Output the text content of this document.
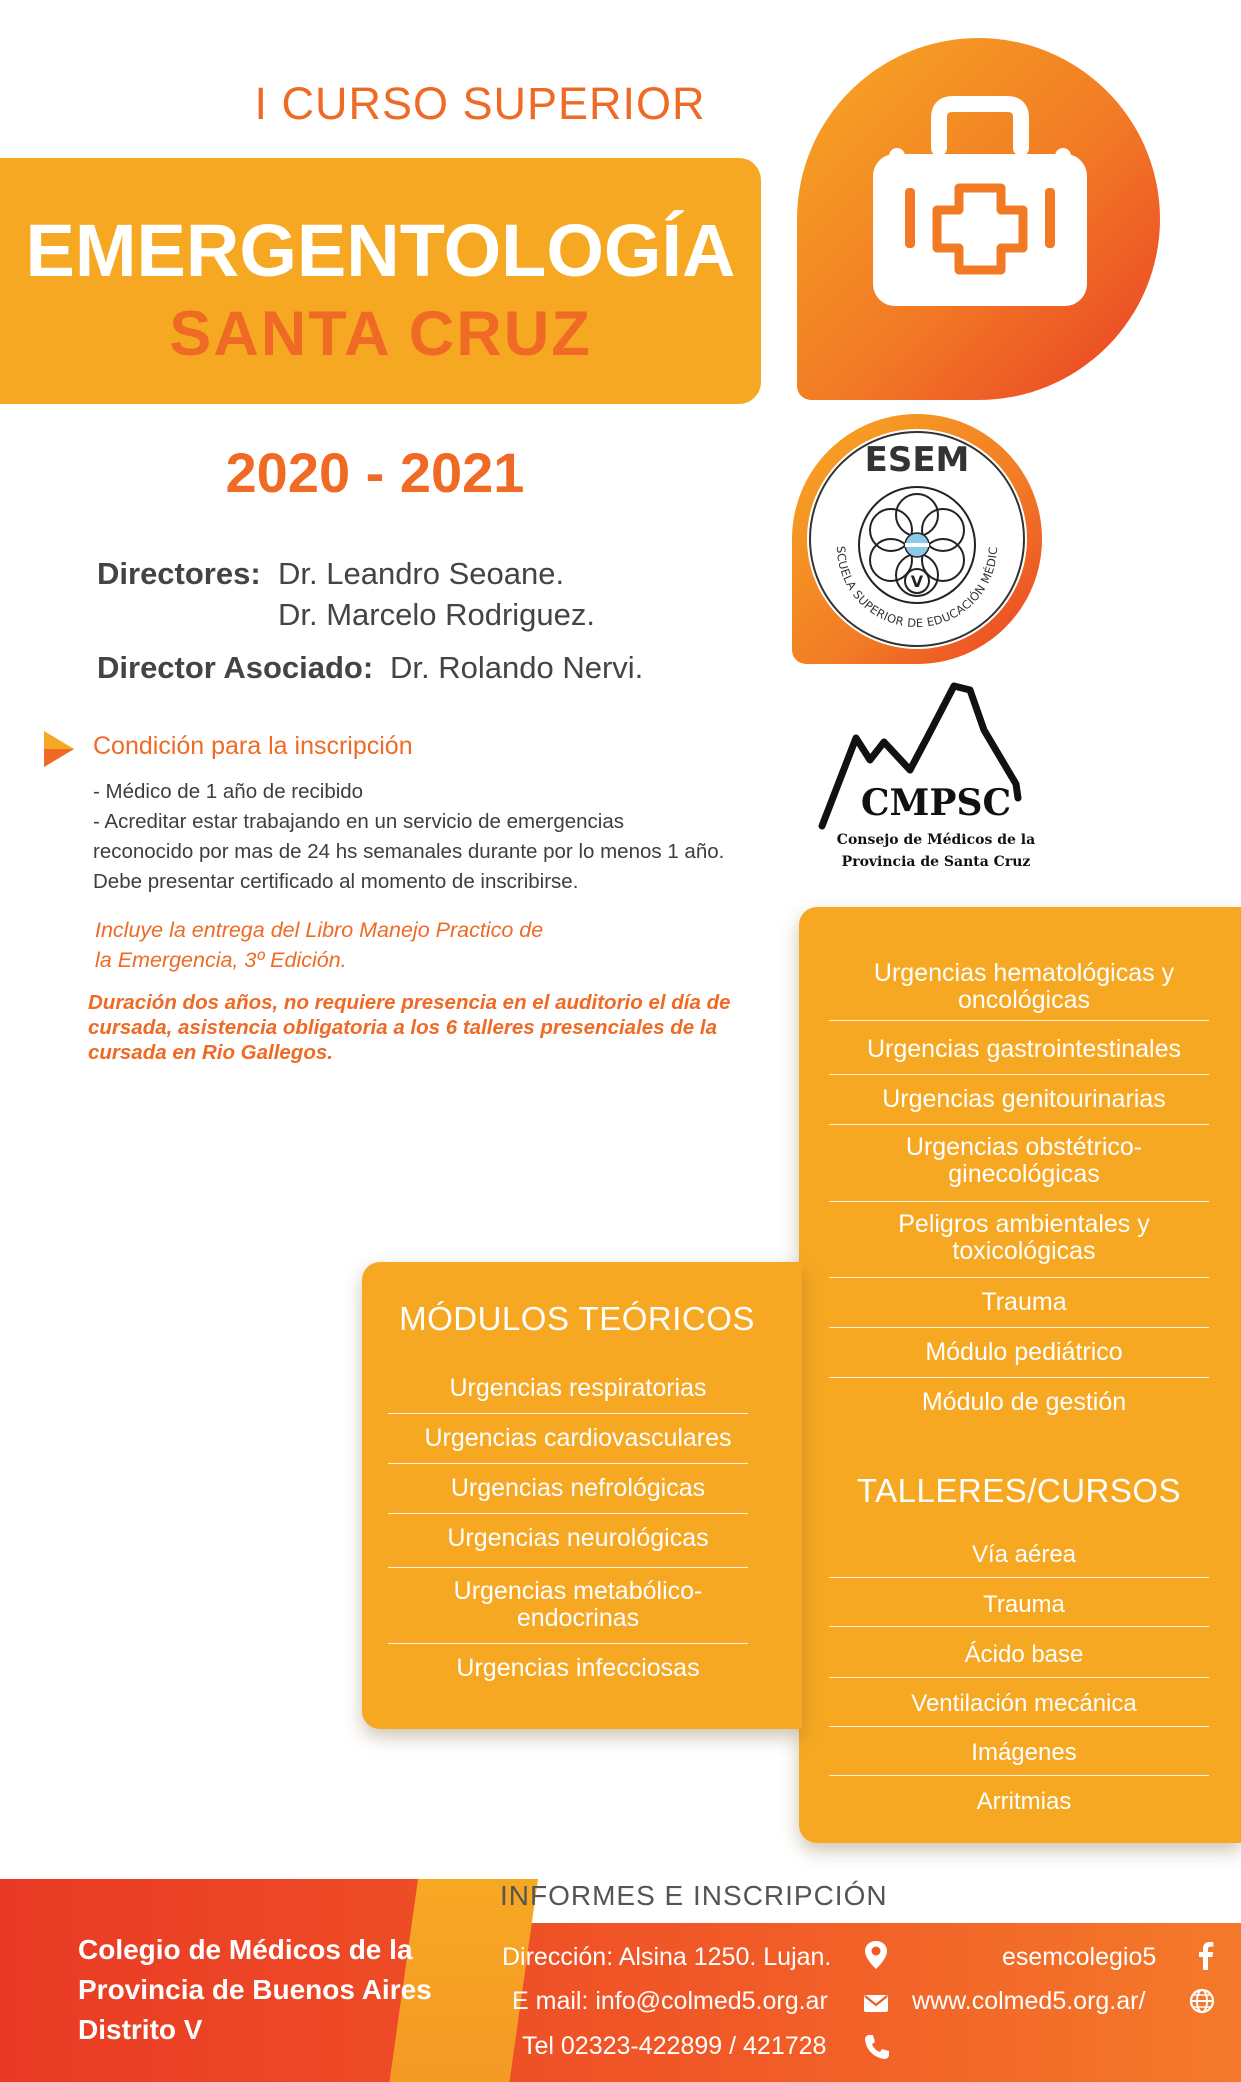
I CURSO SUPERIOR
EMERGENTOLOGÍA
SANTA CRUZ
2020 - 2021
Directores: Dr. Leandro Seoane.
Dr. Marcelo Rodriguez.
Director Asociado: Dr. Rolando Nervi.
ESEM
SCUELA SUPERIOR DE EDUCACIÓN MÉDIC
V
CMPSC
Consejo de Médicos de la
Provincia de Santa Cruz
Condición para la inscripción
- Médico de 1 año de recibido
- Acreditar estar trabajando en un servicio de emergencias
reconocido por mas de 24 hs semanales durante por lo menos 1 año.
Debe presentar certificado al momento de inscribirse.
Incluye la entrega del Libro Manejo Practico de
la Emergencia, 3º Edición.
Duración dos años, no requiere presencia en el auditorio el día de
cursada, asistencia obligatoria a los 6 talleres presenciales de la
cursada en Rio Gallegos.
Urgencias hematológicas y oncológicas
Urgencias gastrointestinales
Urgencias genitourinarias
Urgencias obstétrico-ginecológicas
Peligros ambientales y toxicológicas
Trauma
Módulo pediátrico
Módulo de gestión
TALLERES/CURSOS
Vía aérea
Trauma
Ácido base
Ventilación mecánica
Imágenes
Arritmias
MÓDULOS TEÓRICOS
Urgencias respiratorias
Urgencias cardiovasculares
Urgencias nefrológicas
Urgencias neurológicas
Urgencias metabólico-endocrinas
Urgencias infecciosas
Colegio de Médicos de la
Provincia de Buenos Aires
Distrito V
INFORMES E INSCRIPCIÓN
Dirección: Alsina 1250. Lujan.
E mail: info@colmed5.org.ar
Tel 02323-422899 / 421728
esemcolegio5
www.colmed5.org.ar/
